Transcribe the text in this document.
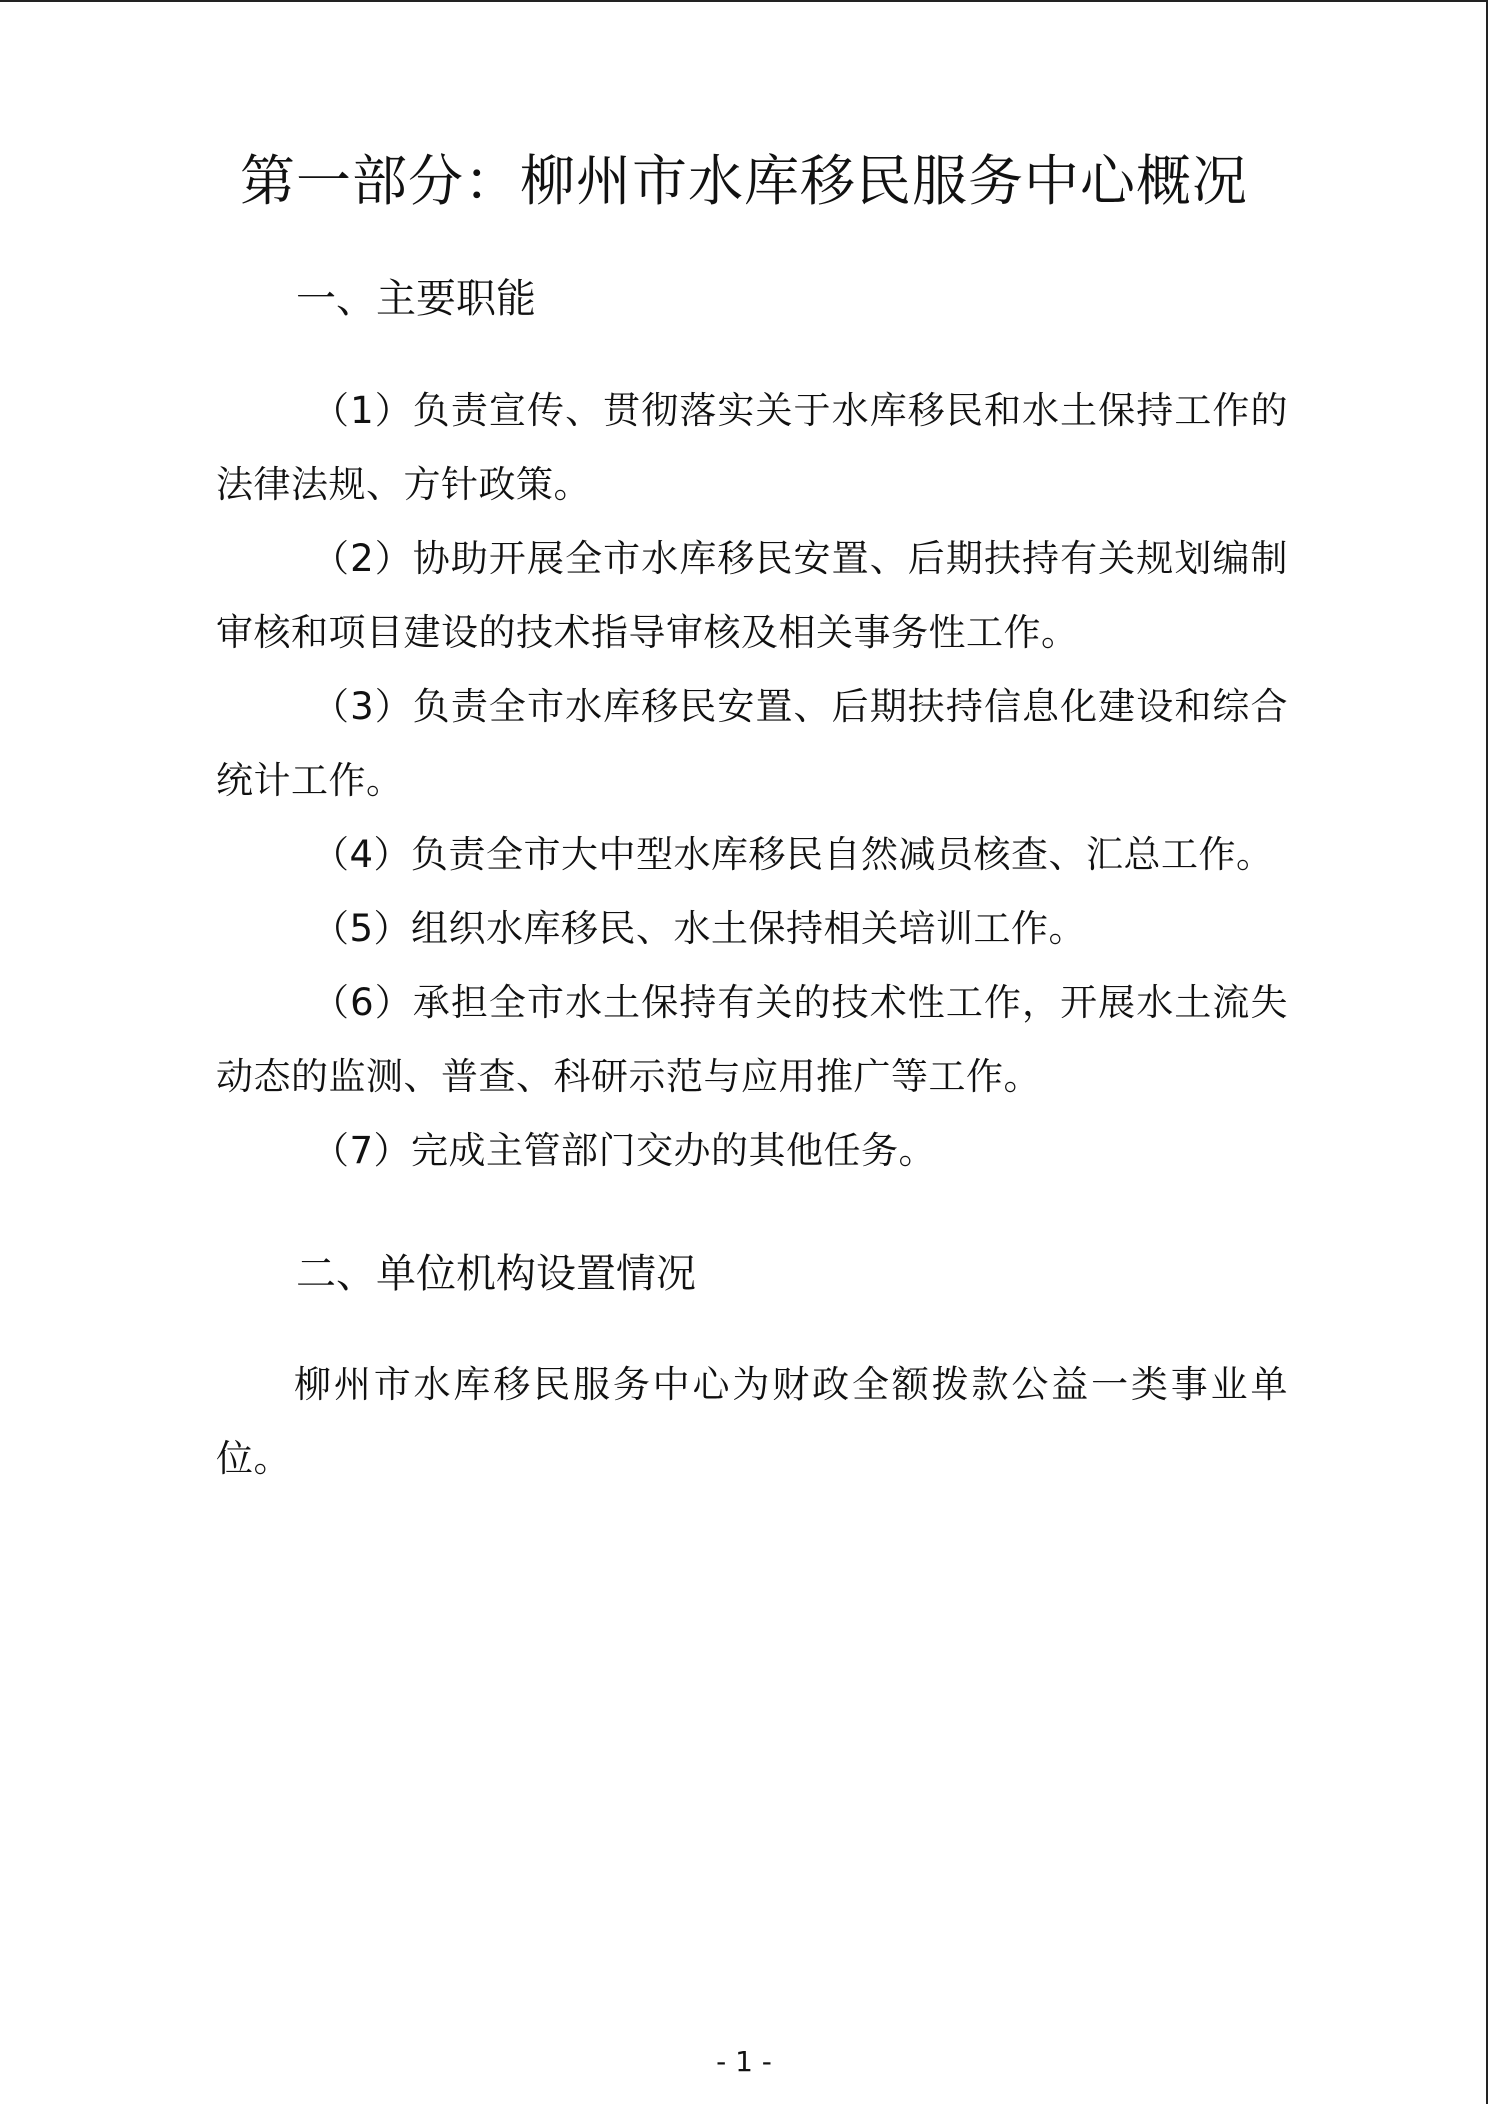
第一部分：柳州市水库移民服务中心概况
一、主要职能

（1）负责宣传、贯彻落实关于水库移民和水土保持工作的法律法规、方针政策。

（2）协助开展全市水库移民安置、后期扶持有关规划编制审核和项目建设的技术指导审核及相关事务性工作。

（3）负责全市水库移民安置、后期扶持信息化建设和综合统计工作。

（4）负责全市大中型水库移民自然减员核查、汇总工作。

（5）组织水库移民、水土保持相关培训工作。

（6）承担全市水土保持有关的技术性工作，开展水土流失动态的监测、普查、科研示范与应用推广等工作。

（7）完成主管部门交办的其他任务。

二、单位机构设置情况

柳州市水库移民服务中心为财政全额拨款公益一类事业单位。

- 1 -
